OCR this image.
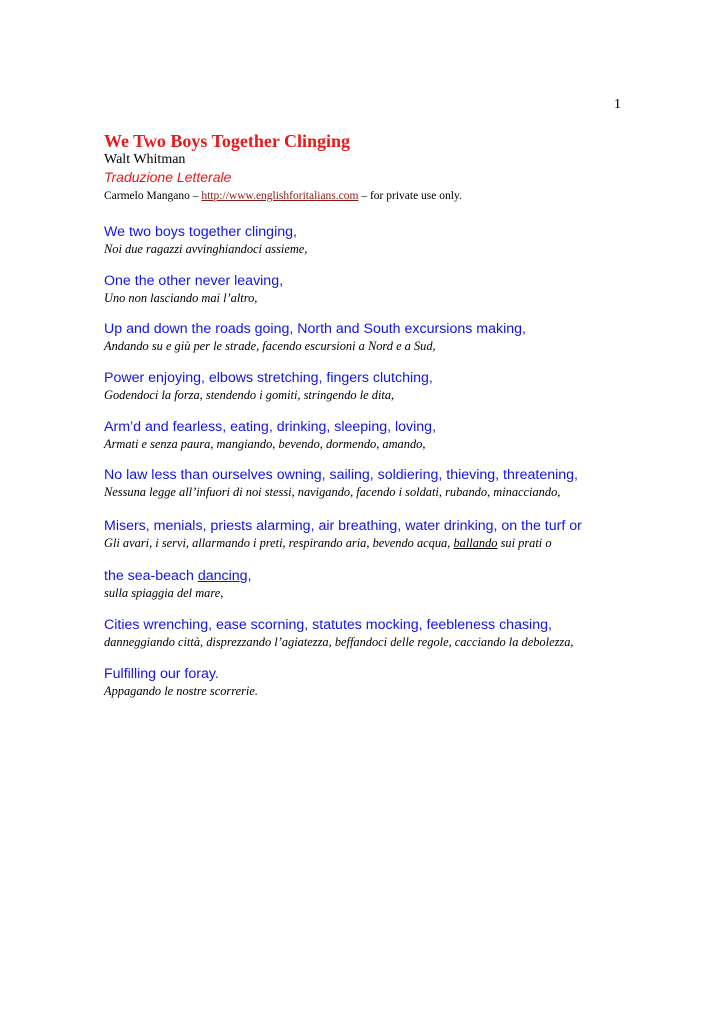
1
We Two Boys Together Clinging
Walt Whitman
Traduzione Letterale
Carmelo Mangano – http://www.englishforitalians.com – for private use only.
We two boys together clinging,
Noi due ragazzi avvinghiandoci assieme,
One the other never leaving,
Uno non lasciando mai l’altro,
Up and down the roads going, North and South excursions making,
Andando su e giù per le strade, facendo escursioni a Nord e a Sud,
Power enjoying, elbows stretching, fingers clutching,
Godendoci la forza, stendendo i gomiti, stringendo le dita,
Arm’d and fearless, eating, drinking, sleeping, loving,
Armati e senza paura, mangiando, bevendo, dormendo, amando,
No law less than ourselves owning, sailing, soldiering, thieving, threatening,
Nessuna legge all’infuori di noi stessi, navigando, facendo i soldati, rubando, minacciando,
Misers, menials, priests alarming, air breathing, water drinking, on the turf or
Gli avari, i servi, allarmando i preti, respirando aria, bevendo acqua, ballando sui prati o
the sea-beach dancing,
sulla spiaggia del mare,
Cities wrenching, ease scorning, statutes mocking, feebleness chasing,
danneggiando città, disprezzando l’agiatezza, beffandoci delle regole, cacciando la debolezza,
Fulfilling our foray.
Appagando le nostre scorrerie.
